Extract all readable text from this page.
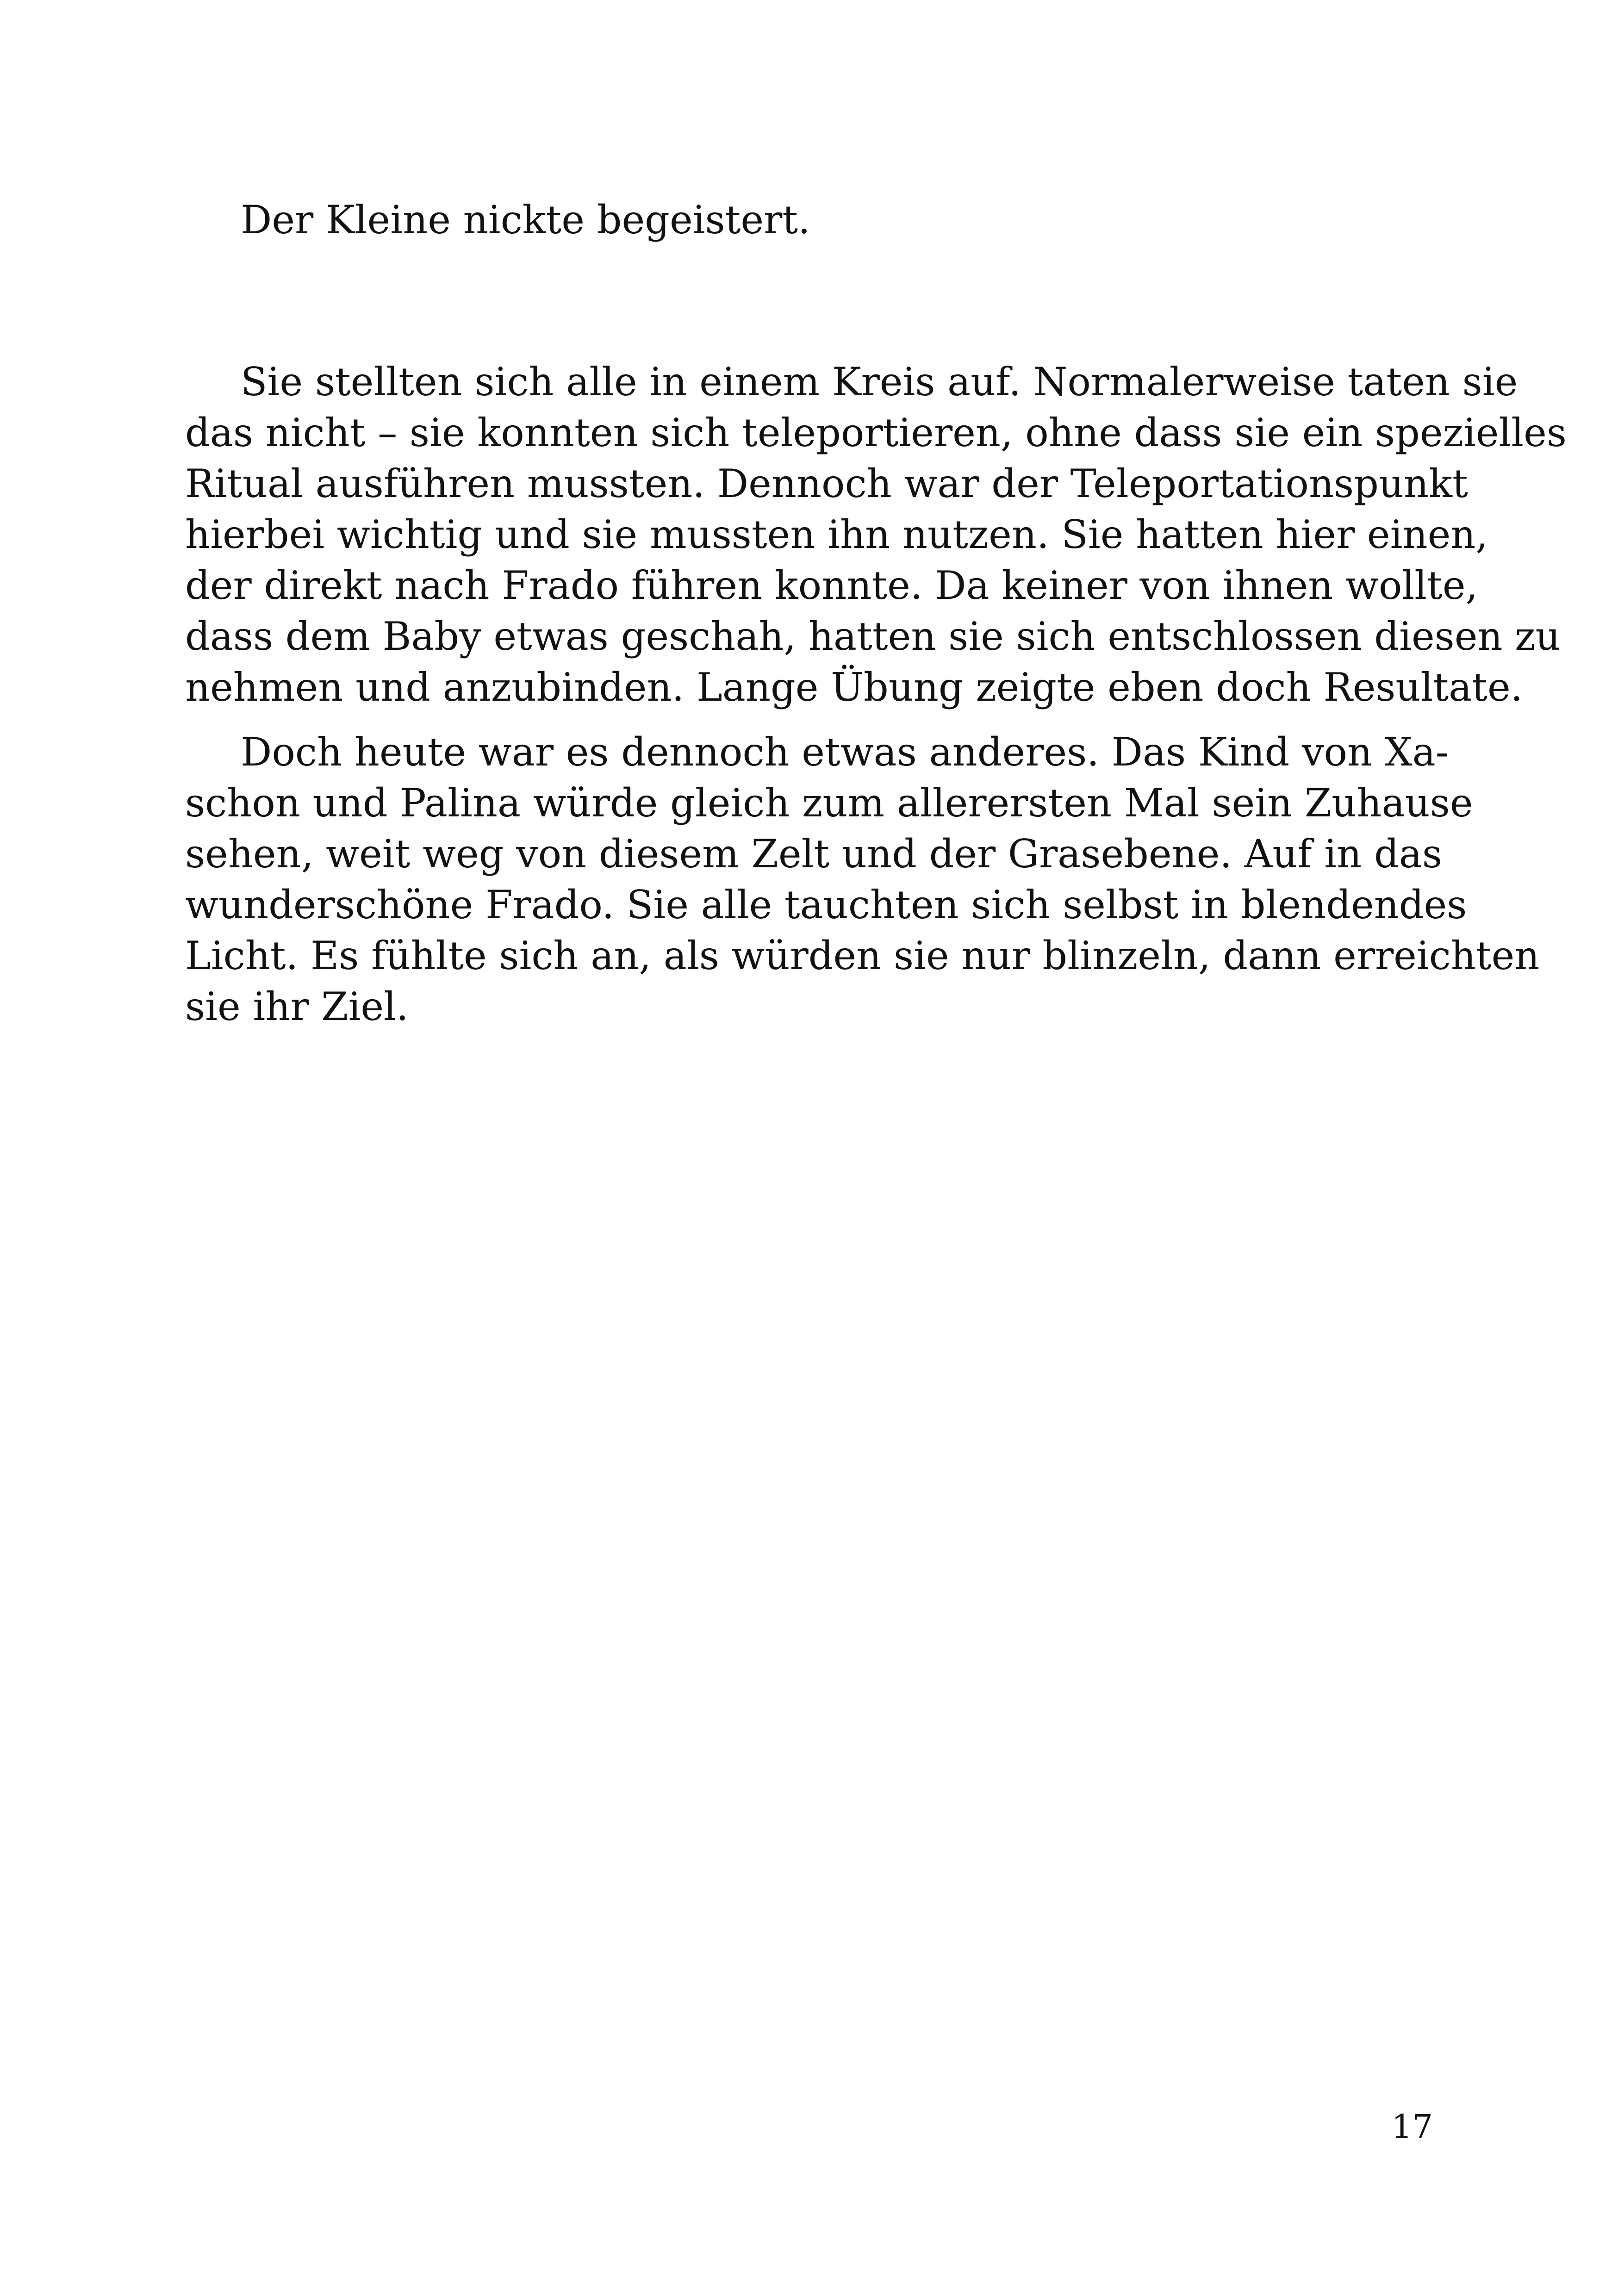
Der Kleine nickte begeistert.
Sie stellten sich alle in einem Kreis auf. Normalerweise taten sie
das nicht – sie konnten sich teleportieren, ohne dass sie ein spezielles
Ritual ausführen mussten. Dennoch war der Teleportationspunkt
hierbei wichtig und sie mussten ihn nutzen. Sie hatten hier einen,
der direkt nach Frado führen konnte. Da keiner von ihnen wollte,
dass dem Baby etwas geschah, hatten sie sich entschlossen diesen zu
nehmen und anzubinden. Lange Übung zeigte eben doch Resultate.
Doch heute war es dennoch etwas anderes. Das Kind von Xa-
schon und Palina würde gleich zum allerersten Mal sein Zuhause
sehen, weit weg von diesem Zelt und der Grasebene. Auf in das
wunderschöne Frado. Sie alle tauchten sich selbst in blendendes
Licht. Es fühlte sich an, als würden sie nur blinzeln, dann erreichten
sie ihr Ziel.
17
